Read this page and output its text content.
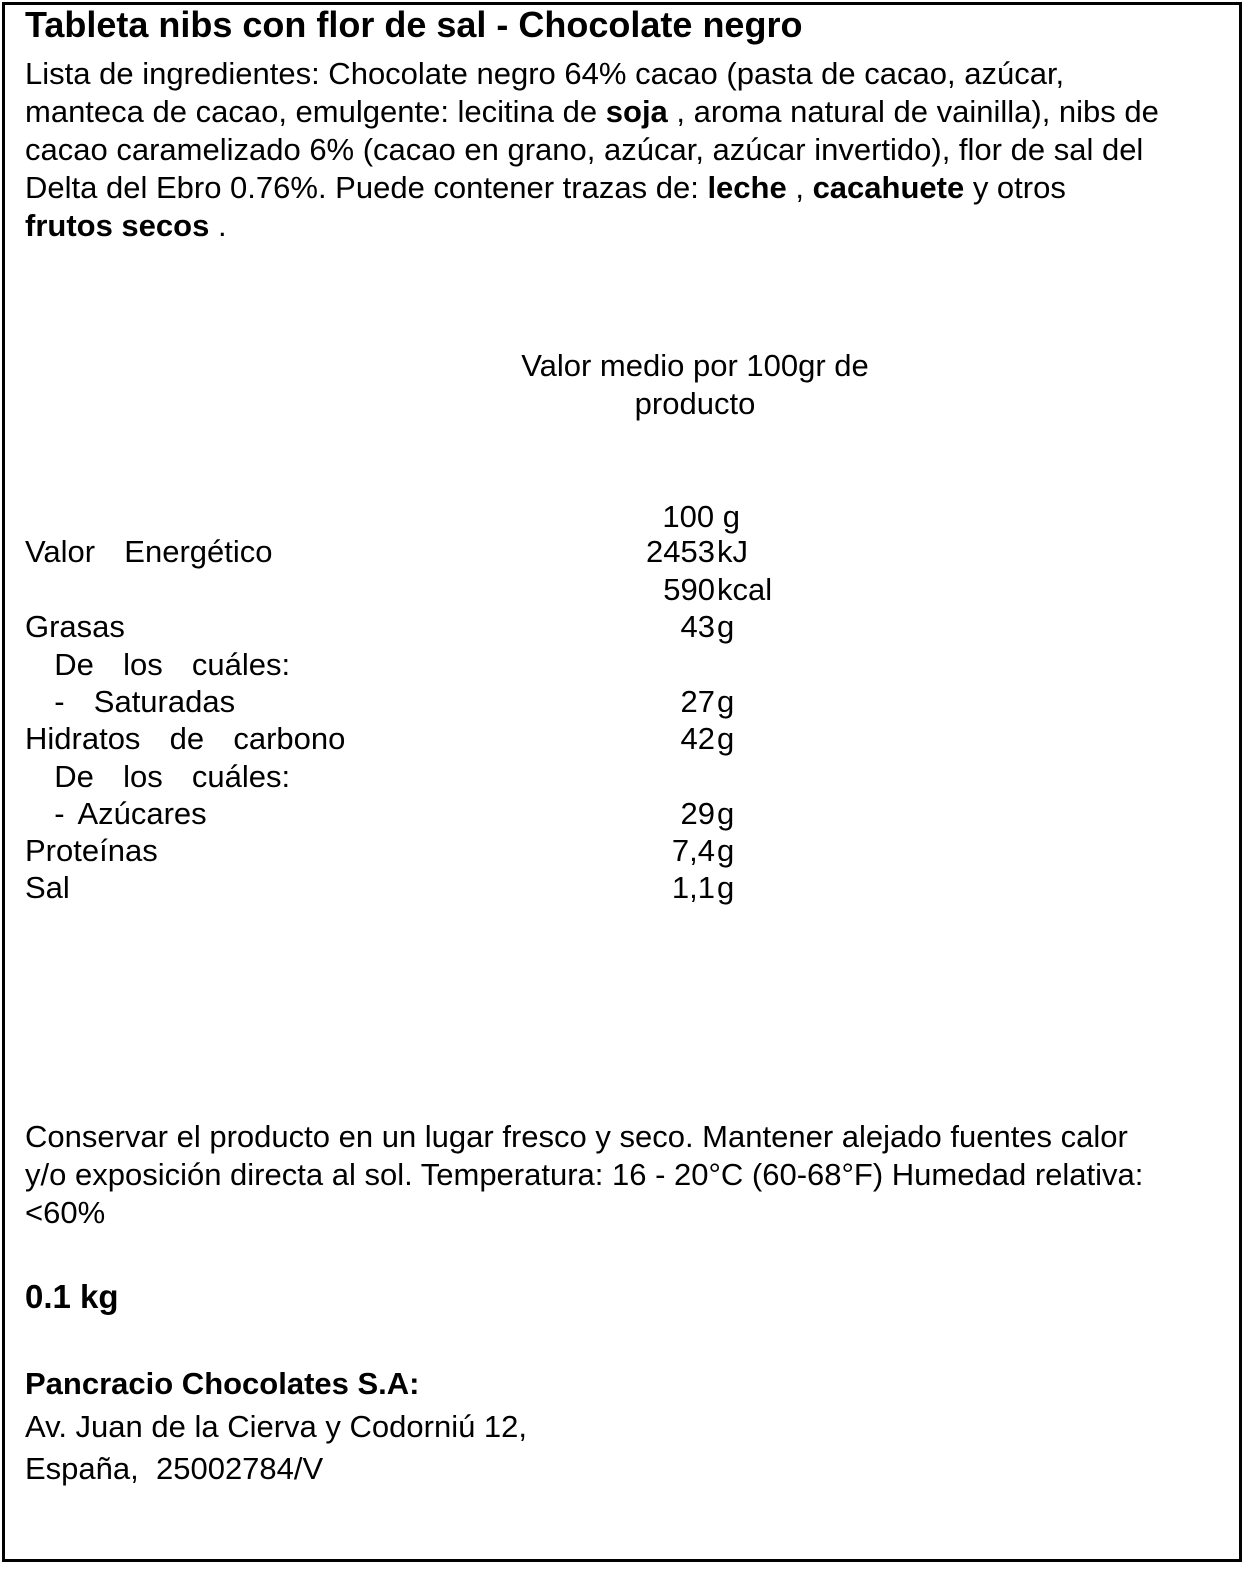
Tableta nibs con flor de sal - Chocolate negro
Lista de ingredientes: Chocolate negro 64% cacao (pasta de cacao, azúcar,
manteca de cacao, emulgente: lecitina de soja , aroma natural de vainilla), nibs de
cacao caramelizado 6% (cacao en grano, azúcar, azúcar invertido), flor de sal del
Delta del Ebro 0.76%. Puede contener trazas de: leche , cacahuete y otros
frutos secos .
Valor medio por 100gr de
producto
100 g
Valor  Energético	2453 kJ
590 kcal
Grasas	43 g
De  los  cuáles:
-  Saturadas	27 g
Hidratos  de  carbono	42 g
De  los  cuáles:
- Azúcares	29 g
Proteínas	7,4 g
Sal	1,1 g
Conservar el producto en un lugar fresco y seco. Mantener alejado fuentes calor
y/o exposición directa al sol. Temperatura: 16 - 20°C (60-68°F) Humedad relativa:
<60%
0.1 kg
Pancracio Chocolates S.A:
Av. Juan de la Cierva y Codorniú 12,
España,  25002784/V
